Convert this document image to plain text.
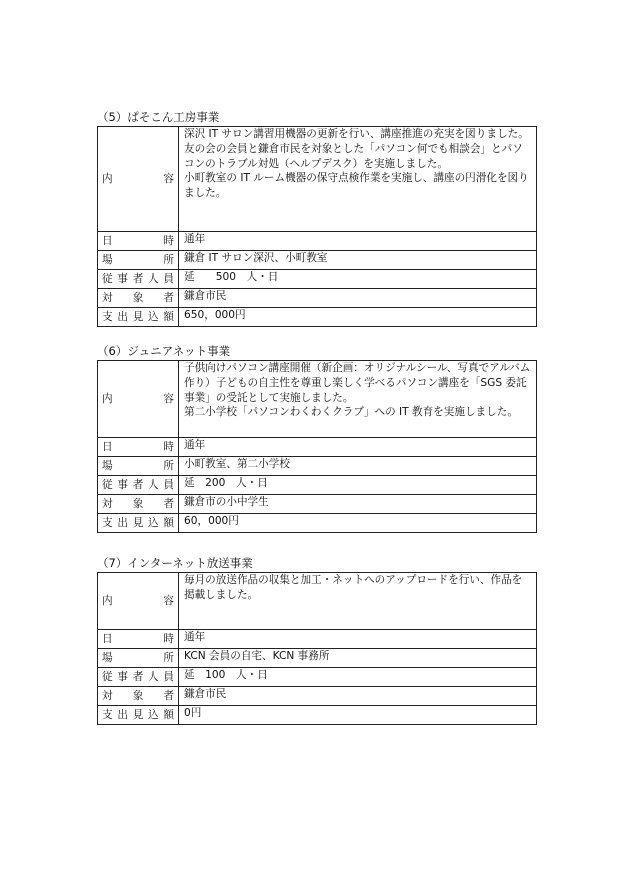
（5）ぱそこん工房事業
内　容	深沢 IT サロン講習用機器の更新を行い、講座推進の充実を図りました。
友の会の会員と鎌倉市民を対象とした「パソコン何でも相談会」とパソコンのトラブル対処（ヘルプデスク）を実施しました。
小町教室の IT ルーム機器の保守点検作業を実施し、講座の円滑化を図りました。

日　時	通年

場　所	鎌倉 IT サロン深沢、小町教室

従事者人員	延　　500　人・日

対 象 者	鎌倉市民

支出見込額	650，000円
（6）ジュニアネット事業
内　容	子供向けパソコン講座開催（新企画：オリジナルシール、写真でアルバム作り）子どもの自主性を尊重し楽しく学べるパソコン講座を「SGS 委託事業」の受託として実施しました。
第二小学校「パソコンわくわくクラブ」への IT 教育を実施しました。

日　時	通年

場　所	小町教室、第二小学校

従事者人員	延　200　人・日

対 象 者	鎌倉市の小中学生

支出見込額	60，000円
（7）インターネット放送事業
内　容	毎月の放送作品の収集と加工・ネットへのアップロードを行い、作品を掲載しました。

日　時	通年

場　所	KCN 会員の自宅、KCN 事務所

従事者人員	延　100　人・日

対 象 者	鎌倉市民

支出見込額	0円
